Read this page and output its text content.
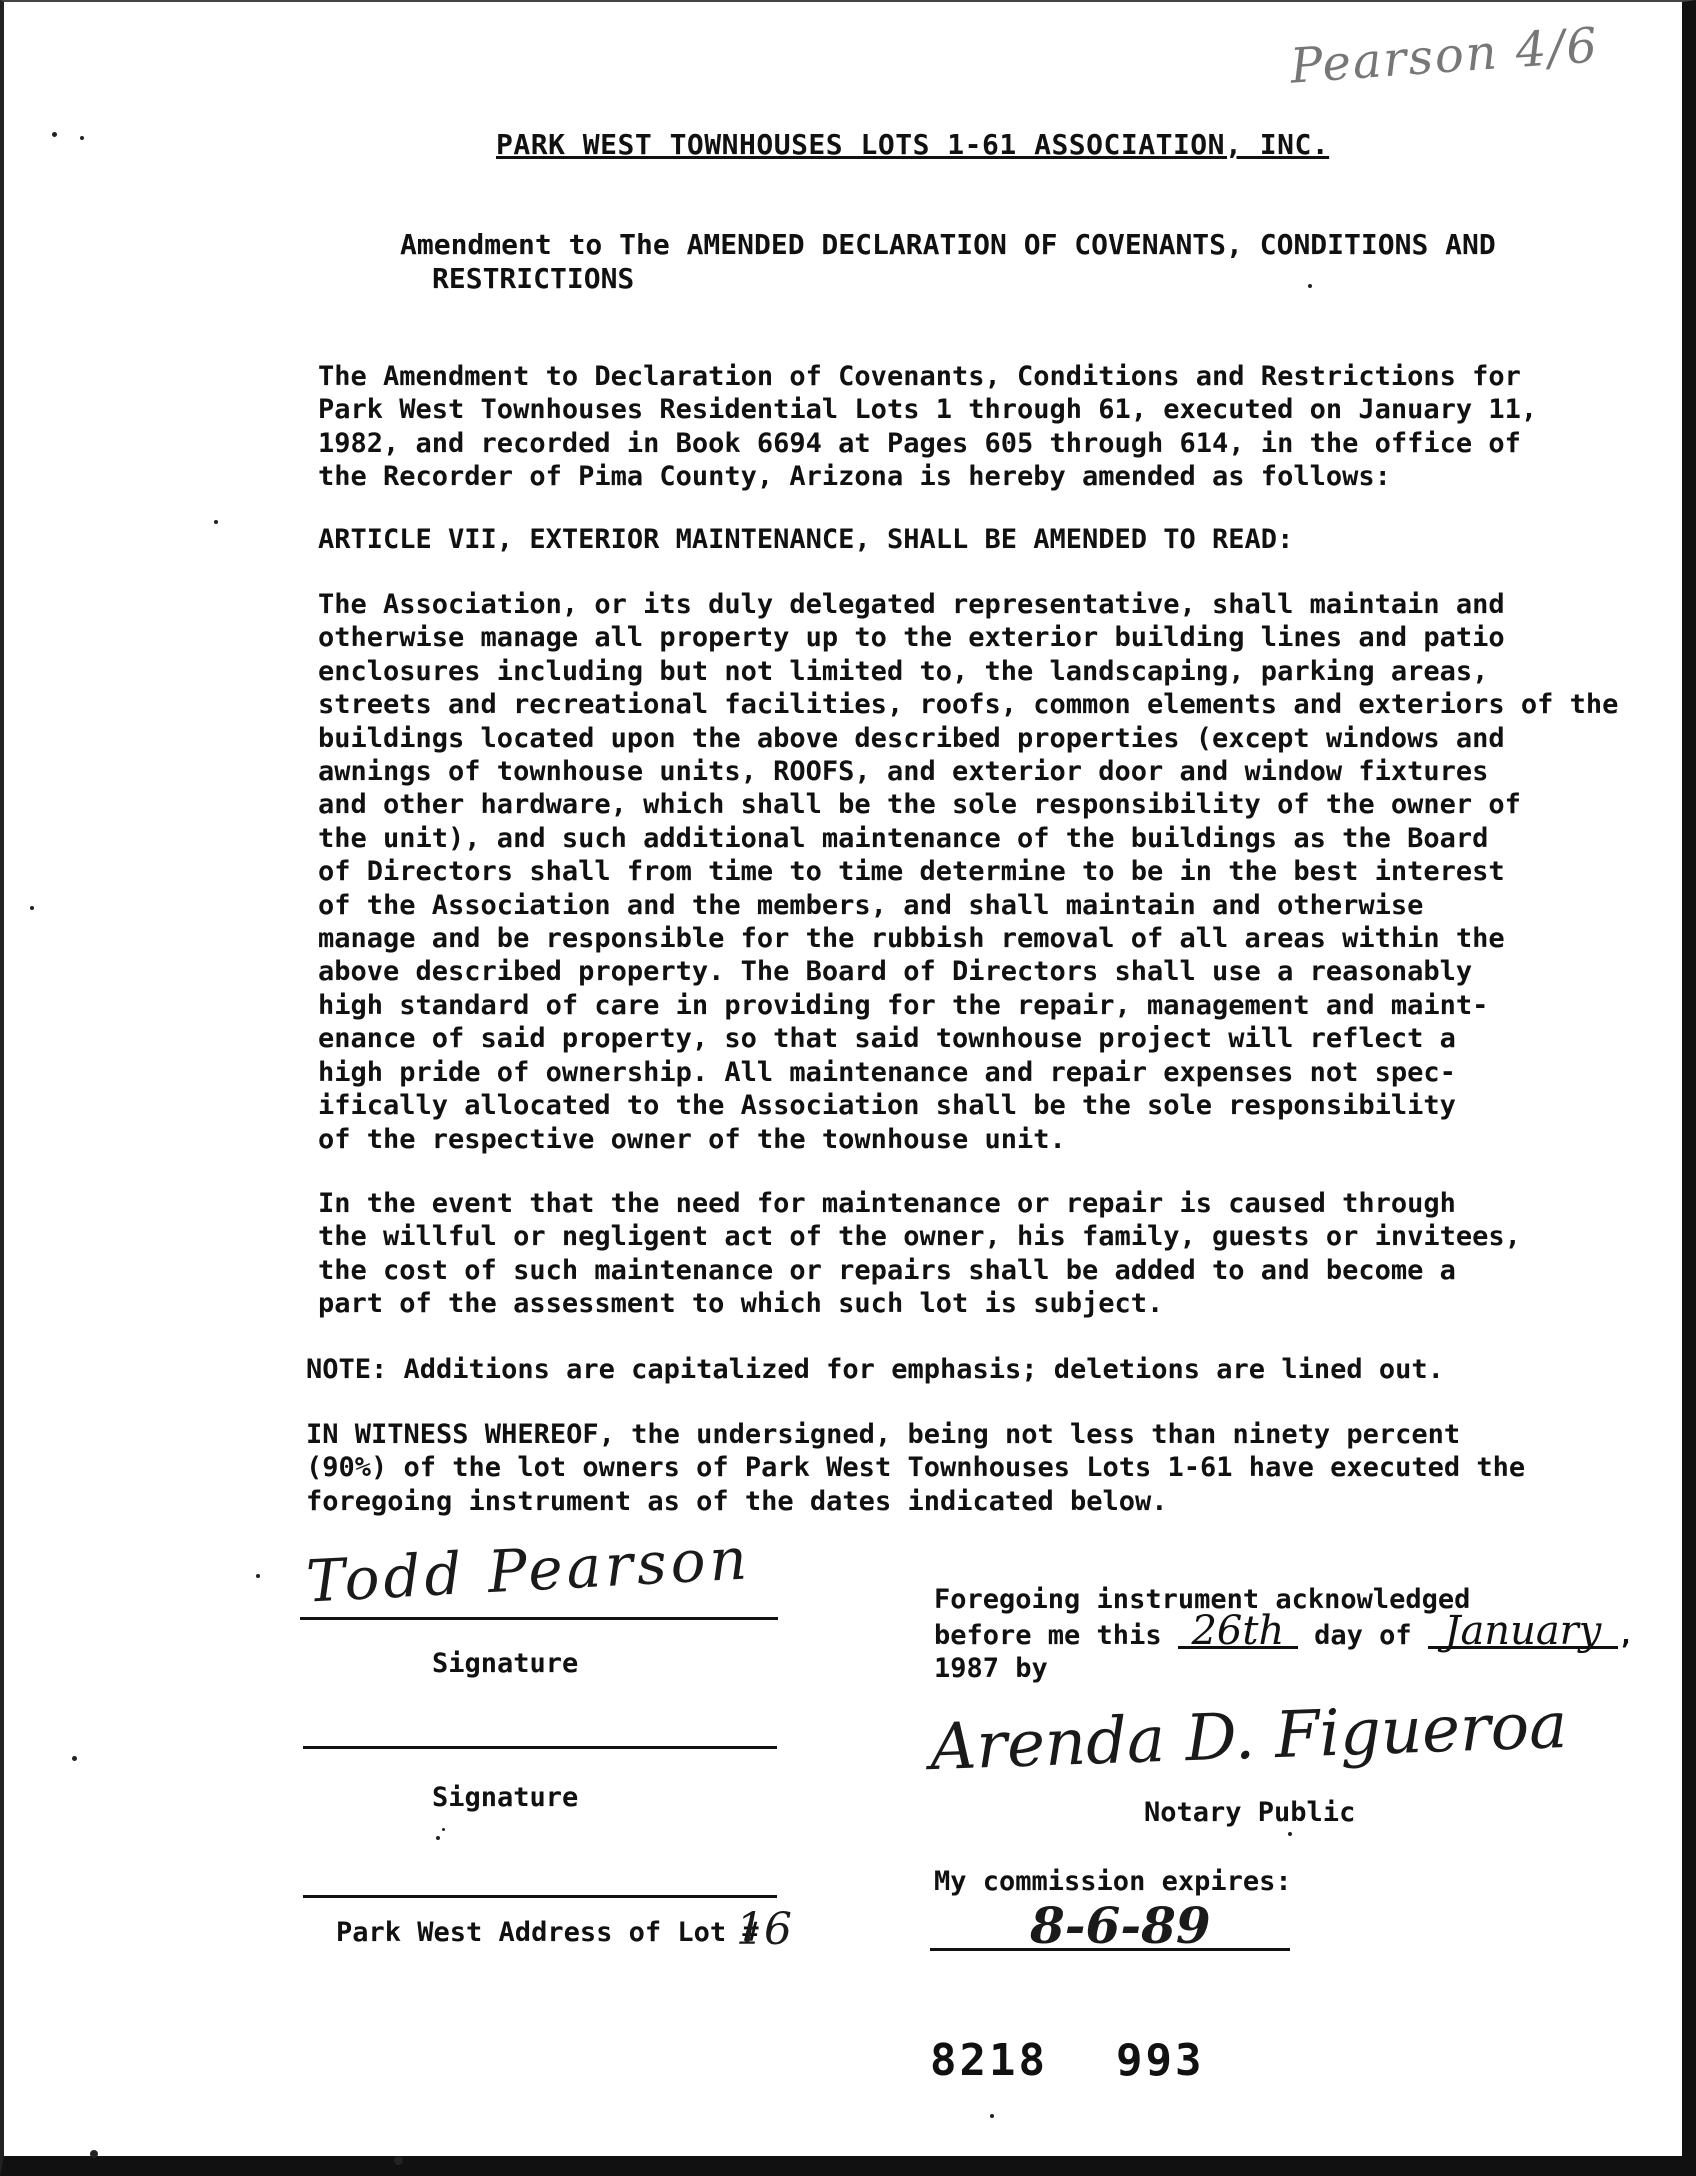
Pearson 4/6
PARK WEST TOWNHOUSES LOTS 1-61 ASSOCIATION, INC.
Amendment to The AMENDED DECLARATION OF COVENANTS, CONDITIONS AND
RESTRICTIONS
The Amendment to Declaration of Covenants, Conditions and Restrictions for
Park West Townhouses Residential Lots 1 through 61, executed on January 11,
1982, and recorded in Book 6694 at Pages 605 through 614, in the office of
the Recorder of Pima County, Arizona is hereby amended as follows:
ARTICLE VII, EXTERIOR MAINTENANCE, SHALL BE AMENDED TO READ:
The Association, or its duly delegated representative, shall maintain and
otherwise manage all property up to the exterior building lines and patio
enclosures including but not limited to, the landscaping, parking areas,
streets and recreational facilities, roofs, common elements and exteriors of the
buildings located upon the above described properties (except windows and
awnings of townhouse units, ROOFS, and exterior door and window fixtures
and other hardware, which shall be the sole responsibility of the owner of
the unit), and such additional maintenance of the buildings as the Board
of Directors shall from time to time determine to be in the best interest
of the Association and the members, and shall maintain and otherwise
manage and be responsible for the rubbish removal of all areas within the
above described property. The Board of Directors shall use a reasonably
high standard of care in providing for the repair, management and maint-
enance of said property, so that said townhouse project will reflect a
high pride of ownership. All maintenance and repair expenses not spec-
ifically allocated to the Association shall be the sole responsibility
of the respective owner of the townhouse unit.
In the event that the need for maintenance or repair is caused through
the willful or negligent act of the owner, his family, guests or invitees,
the cost of such maintenance or repairs shall be added to and become a
part of the assessment to which such lot is subject.
NOTE: Additions are capitalized for emphasis; deletions are lined out.
IN WITNESS WHEREOF, the undersigned, being not less than ninety percent
(90%) of the lot owners of Park West Townhouses Lots 1-61 have executed the
foregoing instrument as of the dates indicated below.
Todd Pearson
Signature
Signature
Park West Address of Lot #
16
Foregoing instrument acknowledged
before me this 26th day of January ,
1987 by
Arenda D. Figueroa
Notary Public
My commission expires:
8-6-89
8218 993
